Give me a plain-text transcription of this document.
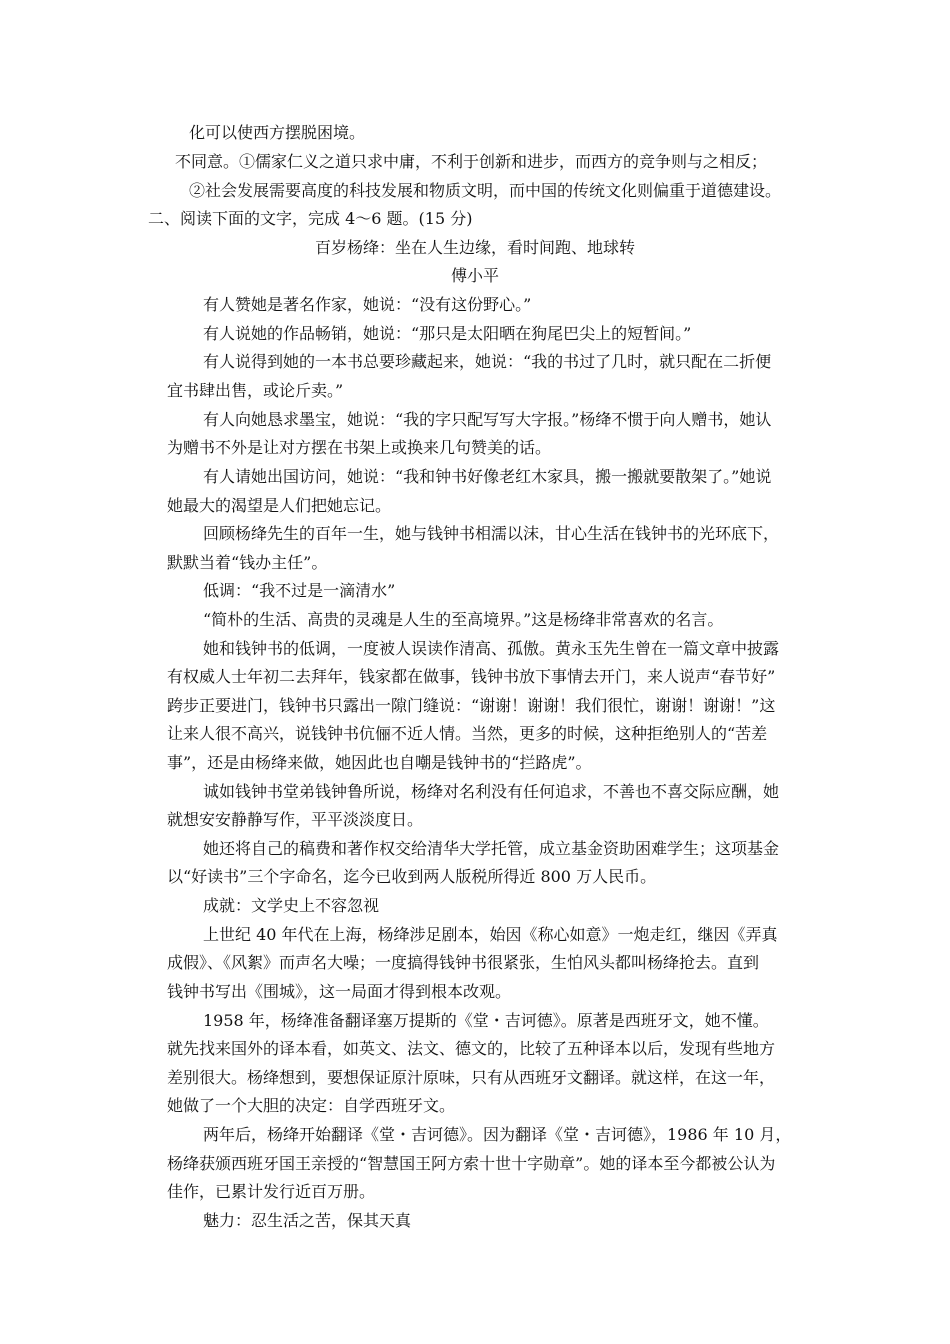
化可以使西方摆脱困境。
不同意。①儒家仁义之道只求中庸，不利于创新和进步，而西方的竞争则与之相反；
②社会发展需要高度的科技发展和物质文明，而中国的传统文化则偏重于道德建设。
二、阅读下面的文字，完成 4～6 题。(15 分)
百岁杨绛：坐在人生边缘，看时间跑、地球转
傅小平
有人赞她是著名作家，她说：“没有这份野心。”
有人说她的作品畅销，她说：“那只是太阳晒在狗尾巴尖上的短暂间。”
有人说得到她的一本书总要珍藏起来，她说：“我的书过了几时，就只配在二折便
宜书肆出售，或论斤卖。”
有人向她恳求墨宝，她说：“我的字只配写写大字报。”杨绛不惯于向人赠书，她认
为赠书不外是让对方摆在书架上或换来几句赞美的话。
有人请她出国访问，她说：“我和钟书好像老红木家具，搬一搬就要散架了。”她说
她最大的渴望是人们把她忘记。
回顾杨绛先生的百年一生，她与钱钟书相濡以沫，甘心生活在钱钟书的光环底下，
默默当着“钱办主任”。
低调：“我不过是一滴清水”
“简朴的生活、高贵的灵魂是人生的至高境界。”这是杨绛非常喜欢的名言。
她和钱钟书的低调，一度被人误读作清高、孤傲。黄永玉先生曾在一篇文章中披露
有权威人士年初二去拜年，钱家都在做事，钱钟书放下事情去开门，来人说声“春节好”
跨步正要进门，钱钟书只露出一隙门缝说：“谢谢！谢谢！我们很忙，谢谢！谢谢！”这
让来人很不高兴，说钱钟书伉俪不近人情。当然，更多的时候，这种拒绝别人的“苦差
事”，还是由杨绛来做，她因此也自嘲是钱钟书的“拦路虎”。
诚如钱钟书堂弟钱钟鲁所说，杨绛对名利没有任何追求，不善也不喜交际应酬，她
就想安安静静写作，平平淡淡度日。
她还将自己的稿费和著作权交给清华大学托管，成立基金资助困难学生；这项基金
以“好读书”三个字命名，迄今已收到两人版税所得近 800 万人民币。
成就：文学史上不容忽视
上世纪 40 年代在上海，杨绛涉足剧本，始因《称心如意》一炮走红，继因《弄真
成假》、《风絮》而声名大噪；一度搞得钱钟书很紧张，生怕风头都叫杨绛抢去。直到
钱钟书写出《围城》，这一局面才得到根本改观。
1958 年，杨绛准备翻译塞万提斯的《堂・吉诃德》。原著是西班牙文，她不懂。
就先找来国外的译本看，如英文、法文、德文的，比较了五种译本以后，发现有些地方
差别很大。杨绛想到，要想保证原汁原味，只有从西班牙文翻译。就这样，在这一年，
她做了一个大胆的决定：自学西班牙文。
两年后，杨绛开始翻译《堂・吉诃德》。因为翻译《堂・吉诃德》，1986 年 10 月，
杨绛获颁西班牙国王亲授的“智慧国王阿方索十世十字勋章”。她的译本至今都被公认为
佳作，已累计发行近百万册。
魅力：忍生活之苦，保其天真
